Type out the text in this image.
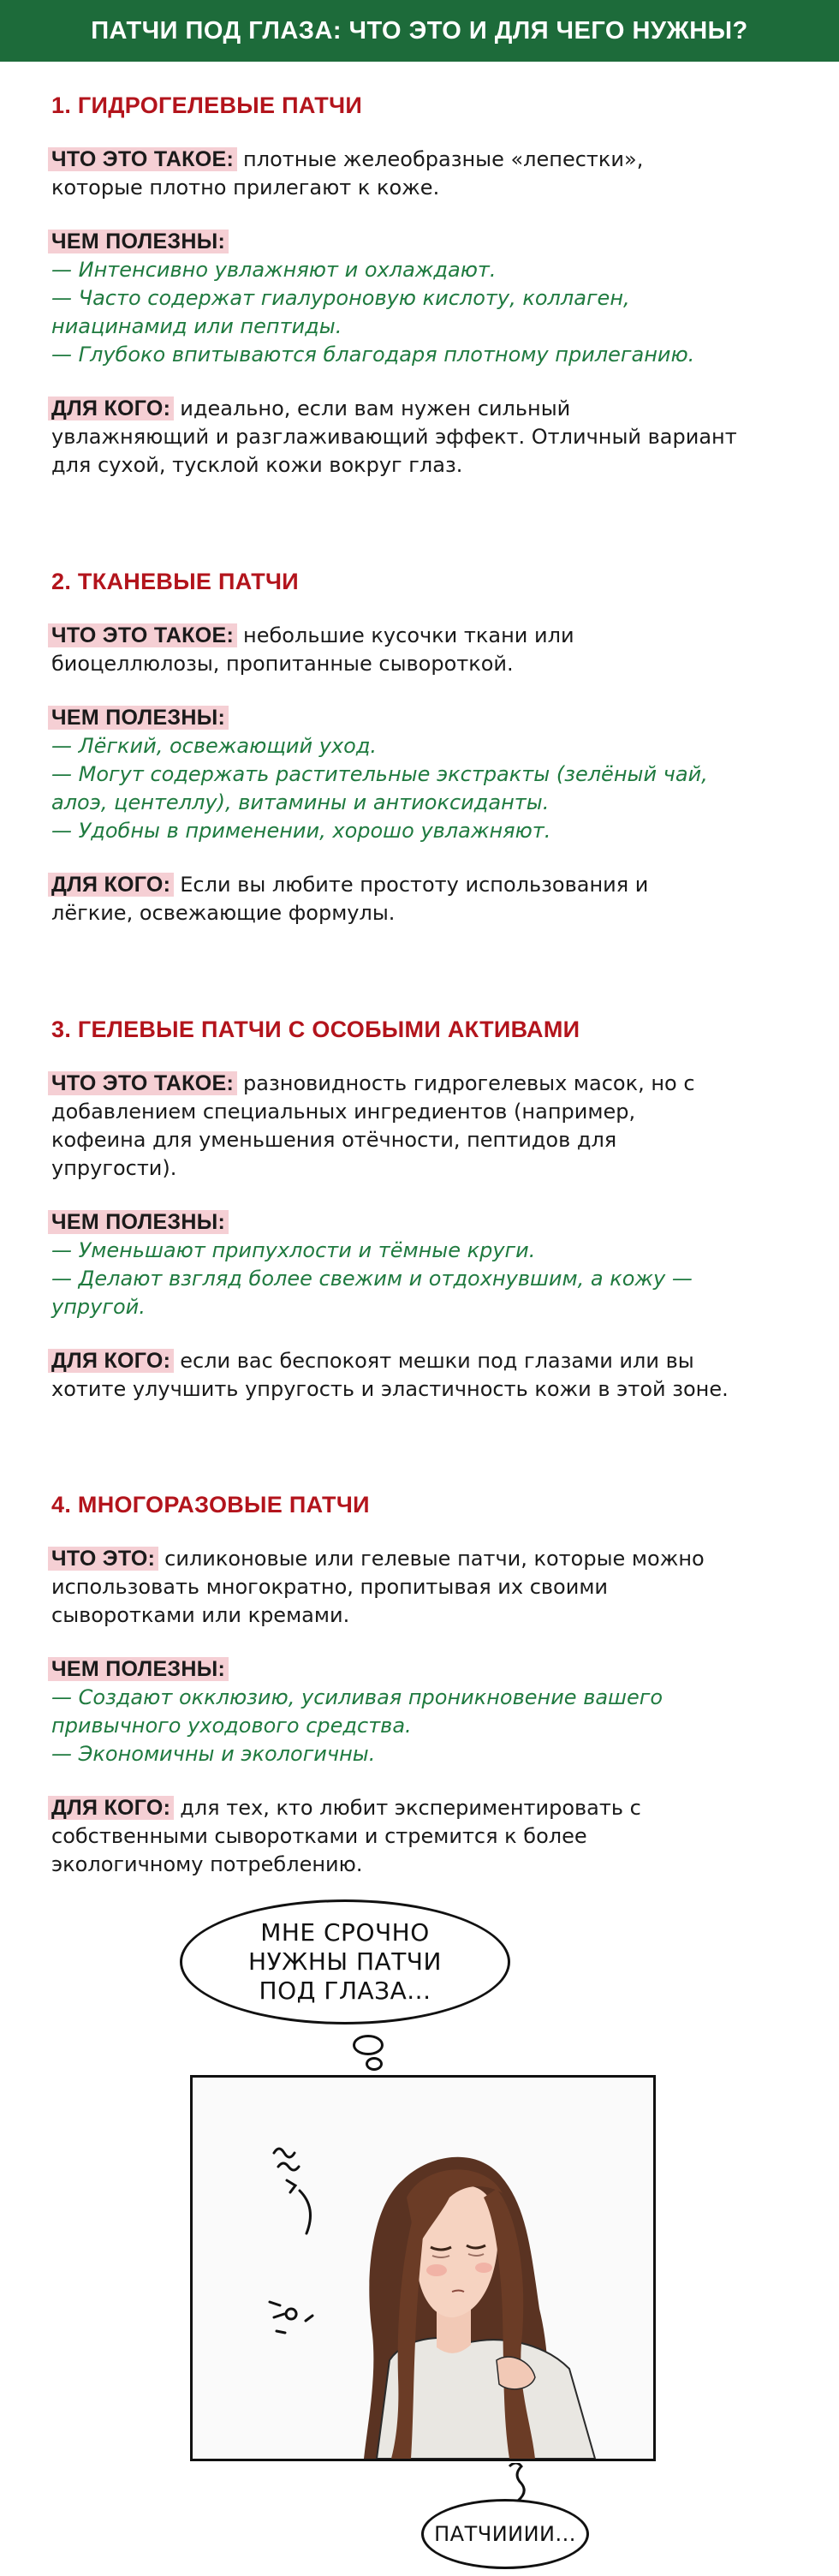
ПАТЧИ ПОД ГЛАЗА: ЧТО ЭТО И ДЛЯ ЧЕГО НУЖНЫ?
1. ГИДРОГЕЛЕВЫЕ ПАТЧИ
ЧТО ЭТО ТАКОЕ: плотные желеобразные «лепестки»,
которые плотно прилегают к коже.
ЧЕМ ПОЛЕЗНЫ:
— Интенсивно увлажняют и охлаждают.
— Часто содержат гиалуроновую кислоту, коллаген,
ниацинамид или пептиды.
— Глубоко впитываются благодаря плотному прилеганию.
ДЛЯ КОГО: идеально, если вам нужен сильный
увлажняющий и разглаживающий эффект. Отличный вариант
для сухой, тусклой кожи вокруг глаз.
2. ТКАНЕВЫЕ ПАТЧИ
ЧТО ЭТО ТАКОЕ: небольшие кусочки ткани или
биоцеллюлозы, пропитанные сывороткой.
ЧЕМ ПОЛЕЗНЫ:
— Лёгкий, освежающий уход.
— Могут содержать растительные экстракты (зелёный чай,
алоэ, центеллу), витамины и антиоксиданты.
— Удобны в применении, хорошо увлажняют.
ДЛЯ КОГО: Если вы любите простоту использования и
лёгкие, освежающие формулы.
3. ГЕЛЕВЫЕ ПАТЧИ С ОСОБЫМИ АКТИВАМИ
ЧТО ЭТО ТАКОЕ: разновидность гидрогелевых масок, но с
добавлением специальных ингредиентов (например,
кофеина для уменьшения отёчности, пептидов для
упругости).
ЧЕМ ПОЛЕЗНЫ:
— Уменьшают припухлости и тёмные круги.
— Делают взгляд более свежим и отдохнувшим, а кожу —
упругой.
ДЛЯ КОГО: если вас беспокоят мешки под глазами или вы
хотите улучшить упругость и эластичность кожи в этой зоне.
4. МНОГОРАЗОВЫЕ ПАТЧИ
ЧТО ЭТО: силиконовые или гелевые патчи, которые можно
использовать многократно, пропитывая их своими
сыворотками или кремами.
ЧЕМ ПОЛЕЗНЫ:
— Создают окклюзию, усиливая проникновение вашего
привычного уходового средства.
— Экономичны и экологичны.
ДЛЯ КОГО: для тех, кто любит экспериментировать с
собственными сыворотками и стремится к более
экологичному потреблению.
МНЕ СРОЧНО
НУЖНЫ ПАТЧИ
ПОД ГЛАЗА...
ПАТЧИИИИ...
